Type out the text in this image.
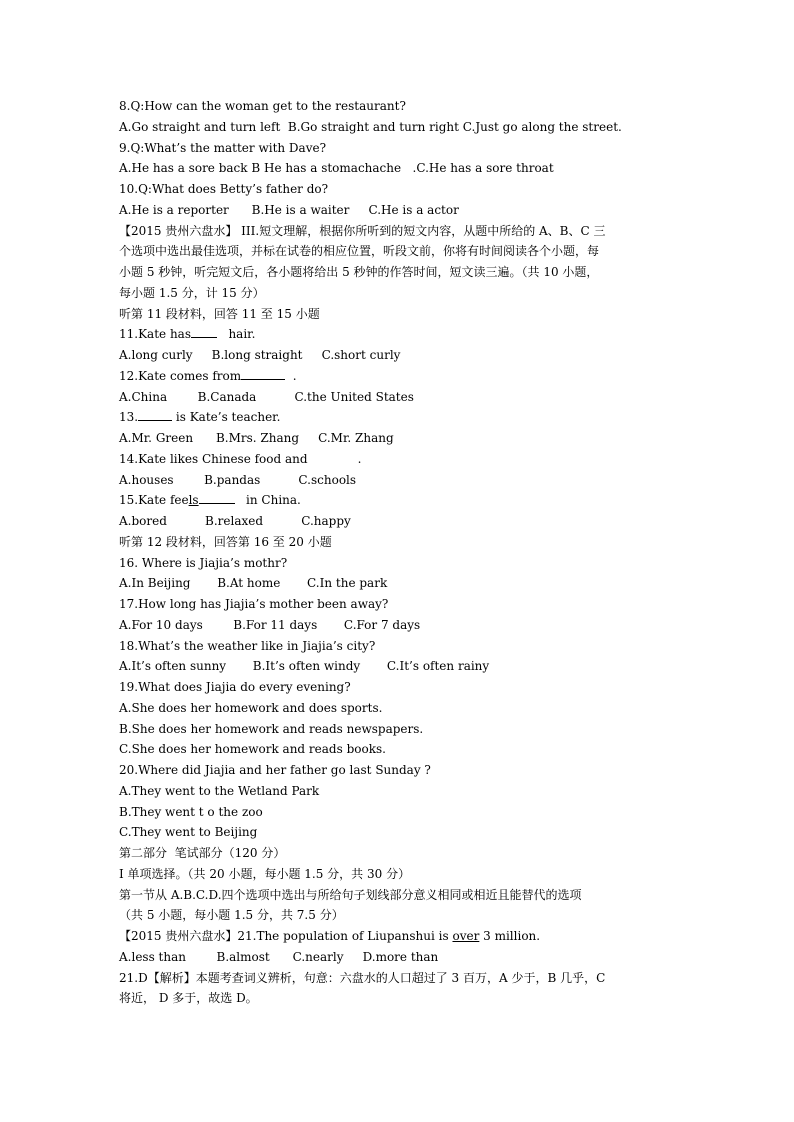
8.Q:How can the woman get to the restaurant?
A.Go straight and turn left  B.Go straight and turn right C.Just go along the street.
9.Q:What’s the matter with Dave?
A.He has a sore back B He has a stomachache   .C.He has a sore throat
10.Q:What does Betty’s father do?
A.He is a reporter      B.He is a waiter     C.He is a actor
【2015 贵州六盘水】 III.短文理解，根据你所听到的短文内容，从题中所给的 A、B、C 三
个选项中选出最佳选项，并标在试卷的相应位置，听段文前，你将有时间阅读各个小题，每
小题 5 秒钟，听完短文后，各小题将给出 5 秒钟的作答时间，短文读三遍。（共 10 小题，
每小题 1.5 分，计 15 分）
听第 11 段材料，回答 11 至 15 小题
11.Kate has	hair.
A.long curly     B.long straight     C.short curly
12.Kate comes from	.
A.China        B.Canada          C.the United States
13.	is Kate’s teacher.
A.Mr. Green      B.Mrs. Zhang     C.Mr. Zhang
14.Kate likes Chinese food and	.
A.houses        B.pandas          C.schools
15.Kate feels	in China.
A.bored          B.relaxed          C.happy
听第 12 段材料，回答第 16 至 20 小题
16. Where is Jiajia’s mothr?
A.In Beijing       B.At home       C.In the park
17.How long has Jiajia’s mother been away?
A.For 10 days        B.For 11 days       C.For 7 days
18.What’s the weather like in Jiajia’s city?
A.It’s often sunny       B.It’s often windy       C.It’s often rainy
19.What does Jiajia do every evening?
A.She does her homework and does sports.
B.She does her homework and reads newspapers.
C.She does her homework and reads books.
20.Where did Jiajia and her father go last Sunday ?
A.They went to the Wetland Park
B.They went t o the zoo
C.They went to Beijing
第二部分  笔试部分（120 分）
I 单项选择。（共 20 小题，每小题 1.5 分，共 30 分）
第一节从 A.B.C.D.四个选项中选出与所给句子划线部分意义相同或相近且能替代的选项
（共 5 小题，每小题 1.5 分，共 7.5 分）
【2015 贵州六盘水】21.The population of Liupanshui is over 3 million.
A.less than        B.almost      C.nearly     D.more than
21.D【解析】本题考查词义辨析，句意：六盘水的人口超过了 3 百万，A 少于，B 几乎，C
将近， D 多于，故选 D。
